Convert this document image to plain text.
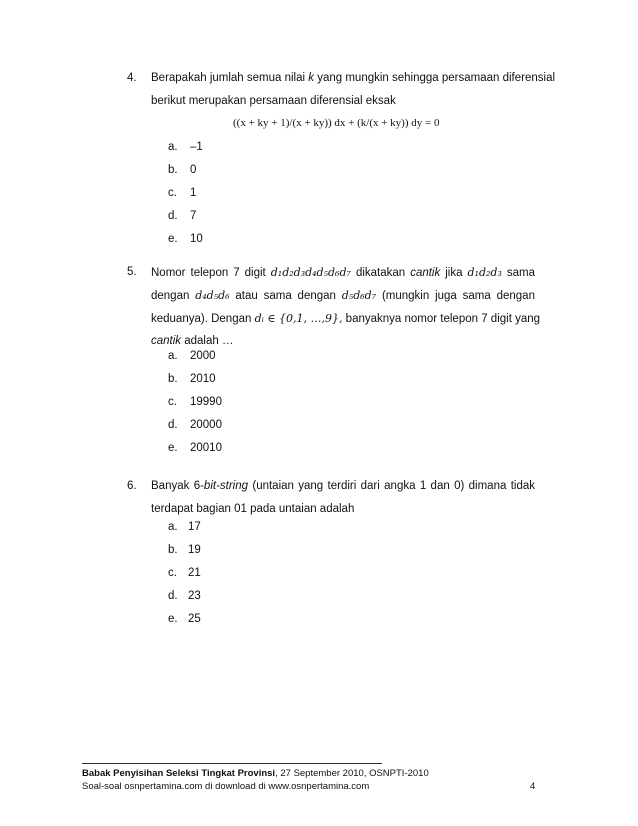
4. Berapakah jumlah semua nilai k yang mungkin sehingga persamaan diferensial
berikut merupakan persamaan diferensial eksak
((x + ky + 1)/(x + ky)) dx + (k/(x + ky)) dy = 0
a. –1
b. 0
c. 1
d. 7
e. 10
5. Nomor telepon 7 digit d₁d₂d₃d₄d₅d₆d₇ dikatakan cantik jika d₁d₂d₃ sama
dengan d₄d₅d₆ atau sama dengan d₅d₆d₇ (mungkin juga sama dengan
keduanya). Dengan dᵢ ∈ {0,1, …,9}, banyaknya nomor telepon 7 digit yang
cantik adalah …
a. 2000
b. 2010
c. 19990
d. 20000
e. 20010
6. Banyak 6-bit-string (untaian yang terdiri dari angka 1 dan 0) dimana tidak
terdapat bagian 01 pada untaian adalah
a. 17
b. 19
c. 21
d. 23
e. 25
Babak Penyisihan Seleksi Tingkat Provinsi, 27 September 2010, OSNPTI-2010
Soal-soal osnpertamina.com di download di www.osnpertamina.com	4
